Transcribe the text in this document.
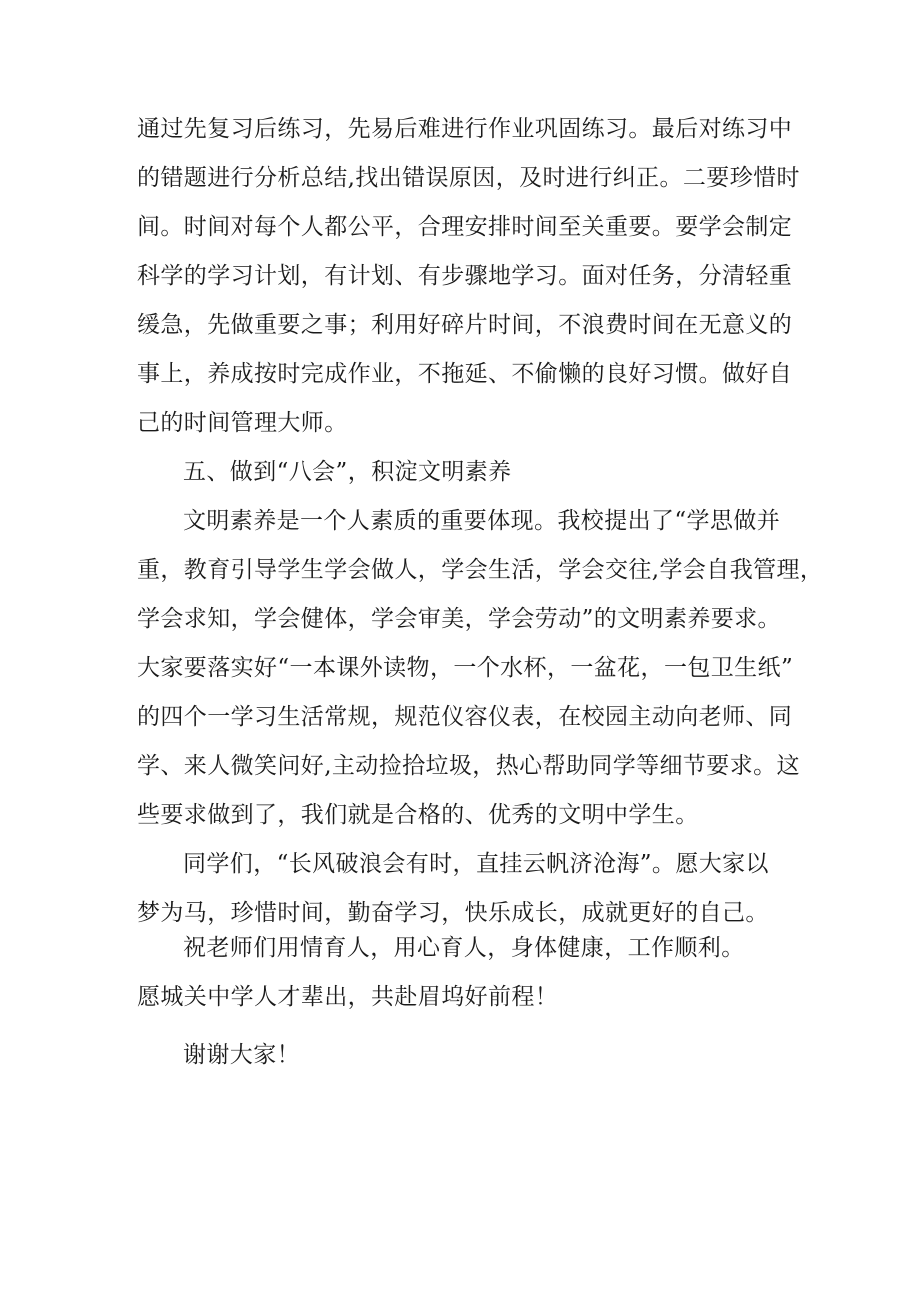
通过先复习后练习，先易后难进行作业巩固练习。最后对练习中
的错题进行分析总结,找出错误原因，及时进行纠正。二要珍惜时
间。时间对每个人都公平，合理安排时间至关重要。要学会制定
科学的学习计划，有计划、有步骤地学习。面对任务，分清轻重
缓急，先做重要之事；利用好碎片时间，不浪费时间在无意义的
事上，养成按时完成作业，不拖延、不偷懒的良好习惯。做好自
己的时间管理大师。
五、做到“八会”，积淀文明素养
文明素养是一个人素质的重要体现。我校提出了“学思做并
重，教育引导学生学会做人，学会生活，学会交往,学会自我管理，
学会求知，学会健体，学会审美，学会劳动”的文明素养要求。
大家要落实好“一本课外读物，一个水杯，一盆花，一包卫生纸”
的四个一学习生活常规，规范仪容仪表，在校园主动向老师、同
学、来人微笑问好,主动捡拾垃圾，热心帮助同学等细节要求。这
些要求做到了，我们就是合格的、优秀的文明中学生。
同学们，“长风破浪会有时，直挂云帆济沧海”。愿大家以
梦为马，珍惜时间，勤奋学习，快乐成长，成就更好的自己。
祝老师们用情育人，用心育人，身体健康，工作顺利。
愿城关中学人才辈出，共赴眉坞好前程！
谢谢大家！
